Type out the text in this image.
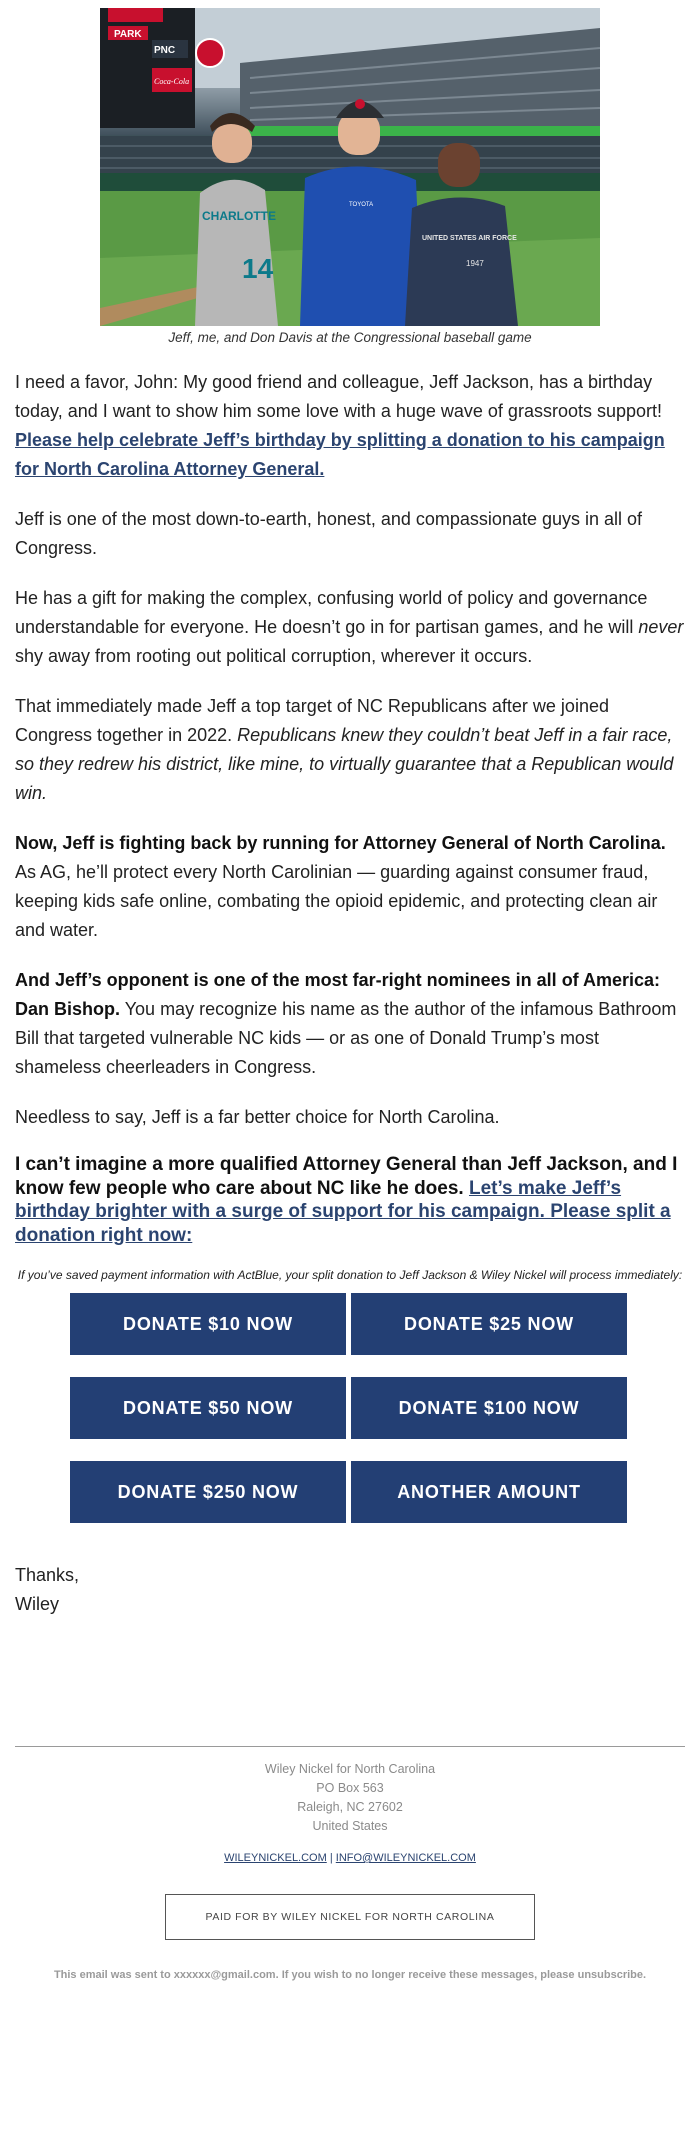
PARK
PNC
Coca-Cola
CHARLOTTE
14
TOYOTA
UNITED STATES AIR FORCE
1947
Jeff, me, and Don Davis at the Congressional baseball game

I need a favor, John: My good friend and colleague, Jeff Jackson, has a birthday today, and I want to show him some love with a huge wave of grassroots support! Please help celebrate Jeff’s birthday by splitting a donation to his campaign for North Carolina Attorney General.

Jeff is one of the most down-to-earth, honest, and compassionate guys in all of Congress.

He has a gift for making the complex, confusing world of policy and governance understandable for everyone. He doesn’t go in for partisan games, and he will never shy away from rooting out political corruption, wherever it occurs.

That immediately made Jeff a top target of NC Republicans after we joined Congress together in 2022. Republicans knew they couldn’t beat Jeff in a fair race, so they redrew his district, like mine, to virtually guarantee that a Republican would win.

Now, Jeff is fighting back by running for Attorney General of North Carolina. As AG, he’ll protect every North Carolinian — guarding against consumer fraud, keeping kids safe online, combating the opioid epidemic, and protecting clean air and water.

And Jeff’s opponent is one of the most far-right nominees in all of America: Dan Bishop. You may recognize his name as the author of the infamous Bathroom Bill that targeted vulnerable NC kids — or as one of Donald Trump’s most shameless cheerleaders in Congress.

Needless to say, Jeff is a far better choice for North Carolina.

I can’t imagine a more qualified Attorney General than Jeff Jackson, and I know few people who care about NC like he does. Let’s make Jeff’s birthday brighter with a surge of support for his campaign. Please split a donation right now:

If you’ve saved payment information with ActBlue, your split donation to Jeff Jackson & Wiley Nickel will process immediately:
DONATE $10 NOW	DONATE $25 NOW
DONATE $50 NOW	DONATE $100 NOW
DONATE $250 NOW	ANOTHER AMOUNT
Thanks,
Wiley
Wiley Nickel for North Carolina
PO Box 563
Raleigh, NC 27602
United States
WILEYNICKEL.COM | INFO@WILEYNICKEL.COM
PAID FOR BY WILEY NICKEL FOR NORTH CAROLINA
This email was sent to xxxxxx@gmail.com. If you wish to no longer receive these messages, please unsubscribe.
